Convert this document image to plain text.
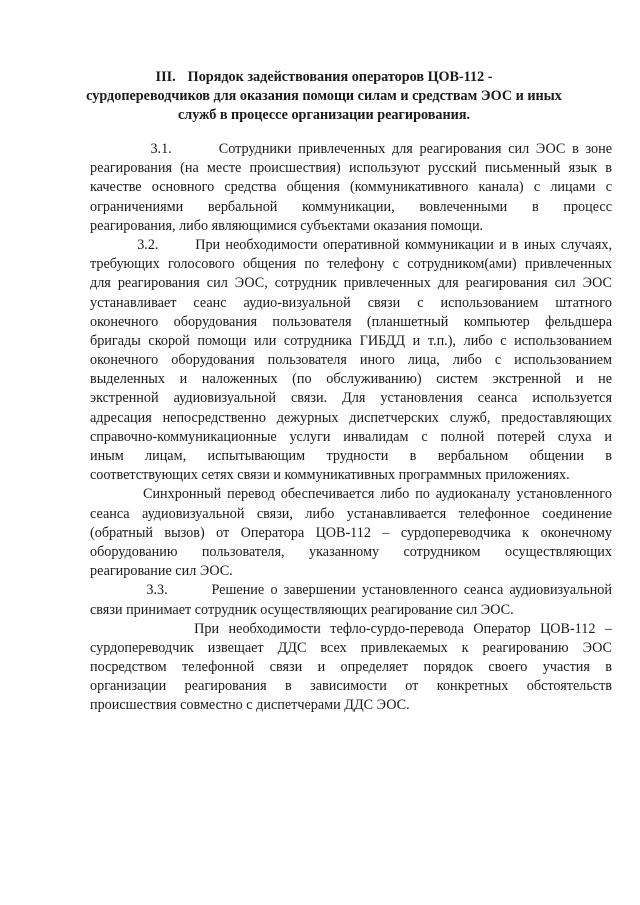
III. Порядок задействования операторов ЦОВ-112 -
сурдопереводчиков для оказания помощи силам и средствам ЭОС и иных
служб в процессе организации реагирования.
3.1.       Сотрудники привлеченных для реагирования сил ЭОС в зоне
реагирования (на месте происшествия) используют русский письменный язык в
качестве основного средства общения (коммуникативного канала) с лицами с
ограничениями вербальной коммуникации, вовлеченными в процесс
реагирования, либо являющимися субъектами оказания помощи.
3.2.       При необходимости оперативной коммуникации и в иных случаях,
требующих голосового общения по телефону с сотрудником(ами) привлеченных
для реагирования сил ЭОС, сотрудник привлеченных для реагирования сил ЭОС
устанавливает сеанс аудио-визуальной связи с использованием штатного
оконечного оборудования пользователя (планшетный компьютер фельдшера
бригады скорой помощи или сотрудника ГИБДД и т.п.), либо с использованием
оконечного оборудования пользователя иного лица, либо с использованием
выделенных и наложенных (по обслуживанию) систем экстренной и не
экстренной аудиовизуальной связи. Для установления сеанса используется
адресация непосредственно дежурных диспетчерских служб, предоставляющих
справочно-коммуникационные услуги инвалидам с полной потерей слуха и
иным лицам, испытывающим трудности в вербальном общении в
соответствующих сетях связи и коммуникативных программных приложениях.
Синхронный перевод обеспечивается либо по аудиоканалу установленного
сеанса аудиовизуальной связи, либо устанавливается телефонное соединение
(обратный вызов) от Оператора ЦОВ-112 – сурдопереводчика к оконечному
оборудованию пользователя, указанному сотрудником осуществляющих
реагирование сил ЭОС.
3.3.       Решение о завершении установленного сеанса аудиовизуальной
связи принимает сотрудник осуществляющих реагирование сил ЭОС.
При необходимости тефло-сурдо-перевода Оператор ЦОВ-112 –
сурдопереводчик извещает ДДС всех привлекаемых к реагированию ЭОС
посредством телефонной связи и определяет порядок своего участия в
организации реагирования в зависимости от конкретных обстоятельств
происшествия совместно с диспетчерами ДДС ЭОС.
